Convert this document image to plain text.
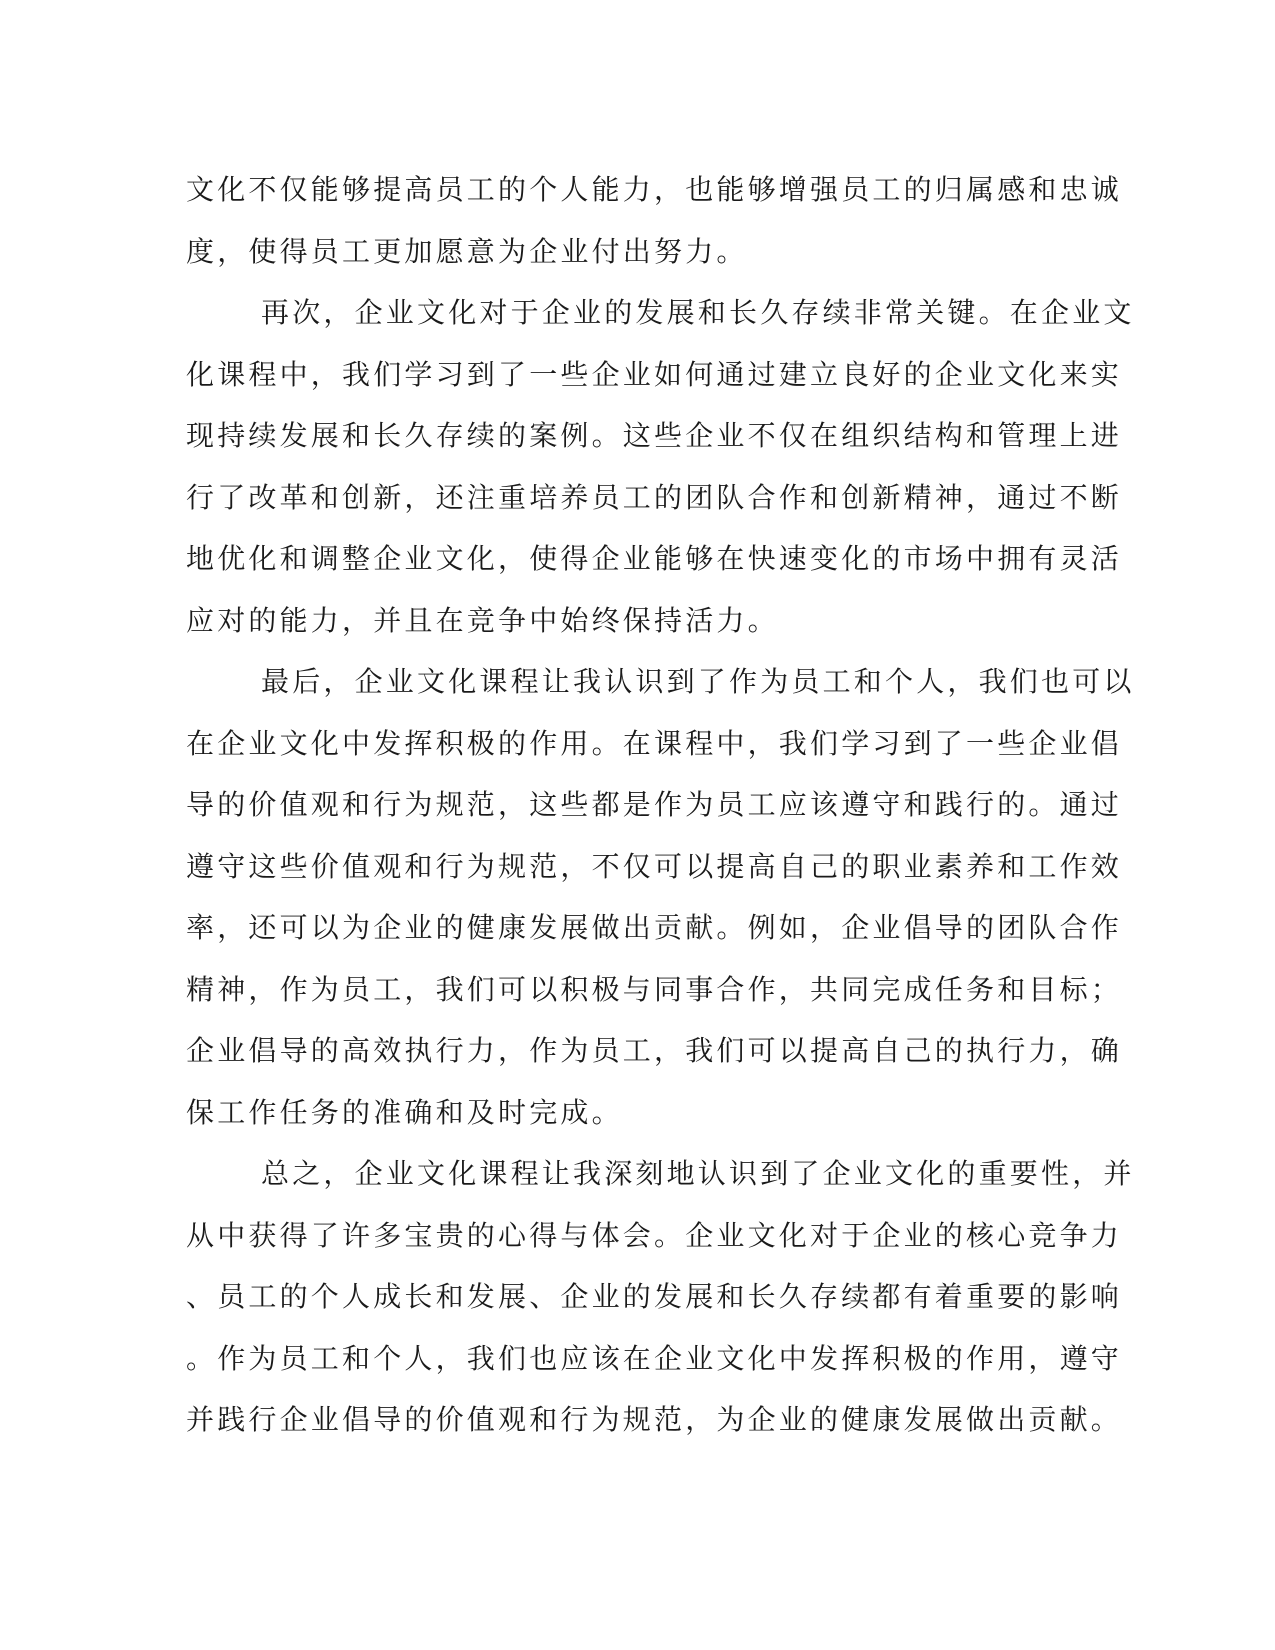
文化不仅能够提高员工的个人能力，也能够增强员工的归属感和忠诚
度，使得员工更加愿意为企业付出努力。
再次，企业文化对于企业的发展和长久存续非常关键。在企业文
化课程中，我们学习到了一些企业如何通过建立良好的企业文化来实
现持续发展和长久存续的案例。这些企业不仅在组织结构和管理上进
行了改革和创新，还注重培养员工的团队合作和创新精神，通过不断
地优化和调整企业文化，使得企业能够在快速变化的市场中拥有灵活
应对的能力，并且在竞争中始终保持活力。
最后，企业文化课程让我认识到了作为员工和个人，我们也可以
在企业文化中发挥积极的作用。在课程中，我们学习到了一些企业倡
导的价值观和行为规范，这些都是作为员工应该遵守和践行的。通过
遵守这些价值观和行为规范，不仅可以提高自己的职业素养和工作效
率，还可以为企业的健康发展做出贡献。例如，企业倡导的团队合作
精神，作为员工，我们可以积极与同事合作，共同完成任务和目标；
企业倡导的高效执行力，作为员工，我们可以提高自己的执行力，确
保工作任务的准确和及时完成。
总之，企业文化课程让我深刻地认识到了企业文化的重要性，并
从中获得了许多宝贵的心得与体会。企业文化对于企业的核心竞争力
、员工的个人成长和发展、企业的发展和长久存续都有着重要的影响
。作为员工和个人，我们也应该在企业文化中发挥积极的作用，遵守
并践行企业倡导的价值观和行为规范，为企业的健康发展做出贡献。
